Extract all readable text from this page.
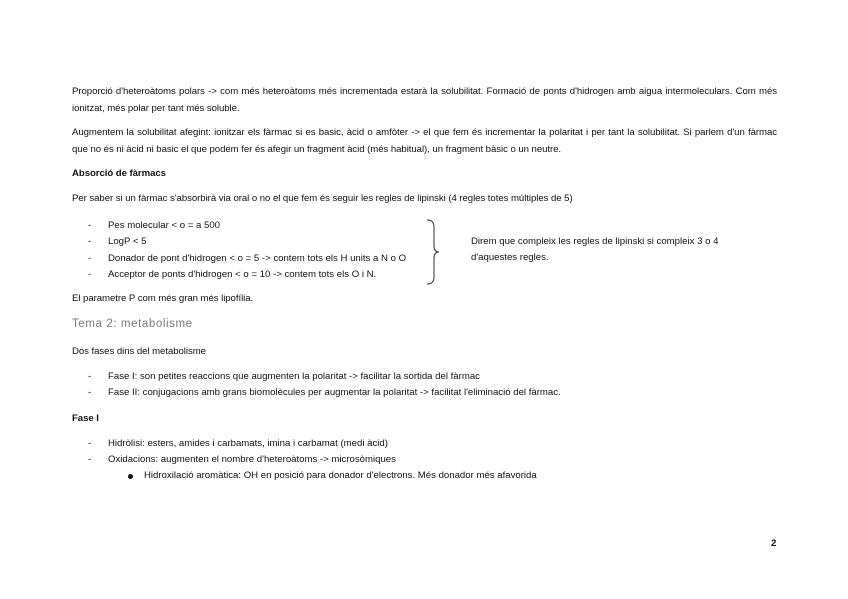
Proporció d'heteroàtoms polars -> com més heteroàtoms més incrementada estarà la solubilitat. Formació de ponts d'hidrogen amb aigua intermoleculars. Com més ionitzat, més polar per tant més soluble.
Augmentem la solubilitat afegint: ionitzar els fàrmac si es basic, àcid o amfòter -> el que fem és incrementar la polaritat i per tant la solubilitat. Si parlem d'un fàrmac que no és ni àcid ni basic el que podem fer és afegir un fragment àcid (més habitual), un fragment bàsic o un neutre.
Absorció de fàrmacs
Per saber si un fàrmac s'absorbirà via oral o no el que fem és seguir les regles de lipinski (4 regles totes múltiples de 5)
- Pes molecular < o = a 500
- LogP < 5
- Donador de pont d'hidrogen < o = 5 -> contem tots els H units a N o O
- Acceptor de ponts d'hidrogen < o = 10 -> contem tots els O i N.
Direm que compleix les regles de lipinski si compleix 3 o 4 d'aquestes regles.
El parametre P com més gran més lipofília.
Tema 2: metabolisme
Dos fases dins del metabolisme
- Fase I: son petites reaccions que augmenten la polaritat -> facilitar la sortida del fàrmac
- Fase II: conjugacions amb grans biomolècules per augmentar la polaritat -> facilitat l'eliminació del fàrmac.
Fase I
- Hidròlisi: esters, amides i carbamats, imina i carbamat (medi àcid)
- Oxidacions: augmenten el nombre d'heteroàtoms -> microsòmiques
Hidroxilació aromàtica: OH en posició para donador d'electrons. Més donador més afavorida
2
